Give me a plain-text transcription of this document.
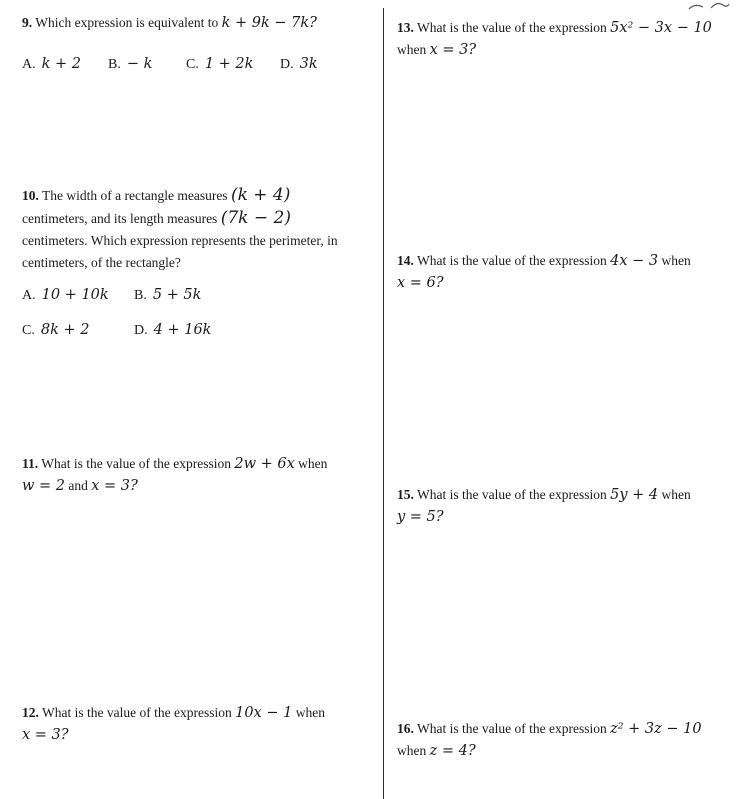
9. Which expression is equivalent to k + 9k − 7k?
A. k + 2 B. − k C. 1 + 2k D. 3k
10. The width of a rectangle measures (k + 4)
centimeters, and its length measures (7k − 2)
centimeters. Which expression represents the perimeter, in
centimeters, of the rectangle?
A. 10 + 10k B. 5 + 5k
C. 8k + 2	D. 4 + 16k
11. What is the value of the expression 2w + 6x when
w = 2 and x = 3?
12. What is the value of the expression 10x − 1 when
x = 3?
13. What is the value of the expression 5x² − 3x − 10
when x = 3?
14. What is the value of the expression 4x − 3 when
x = 6?
15. What is the value of the expression 5y + 4 when
y = 5?
16. What is the value of the expression z² + 3z − 10
when z = 4?
